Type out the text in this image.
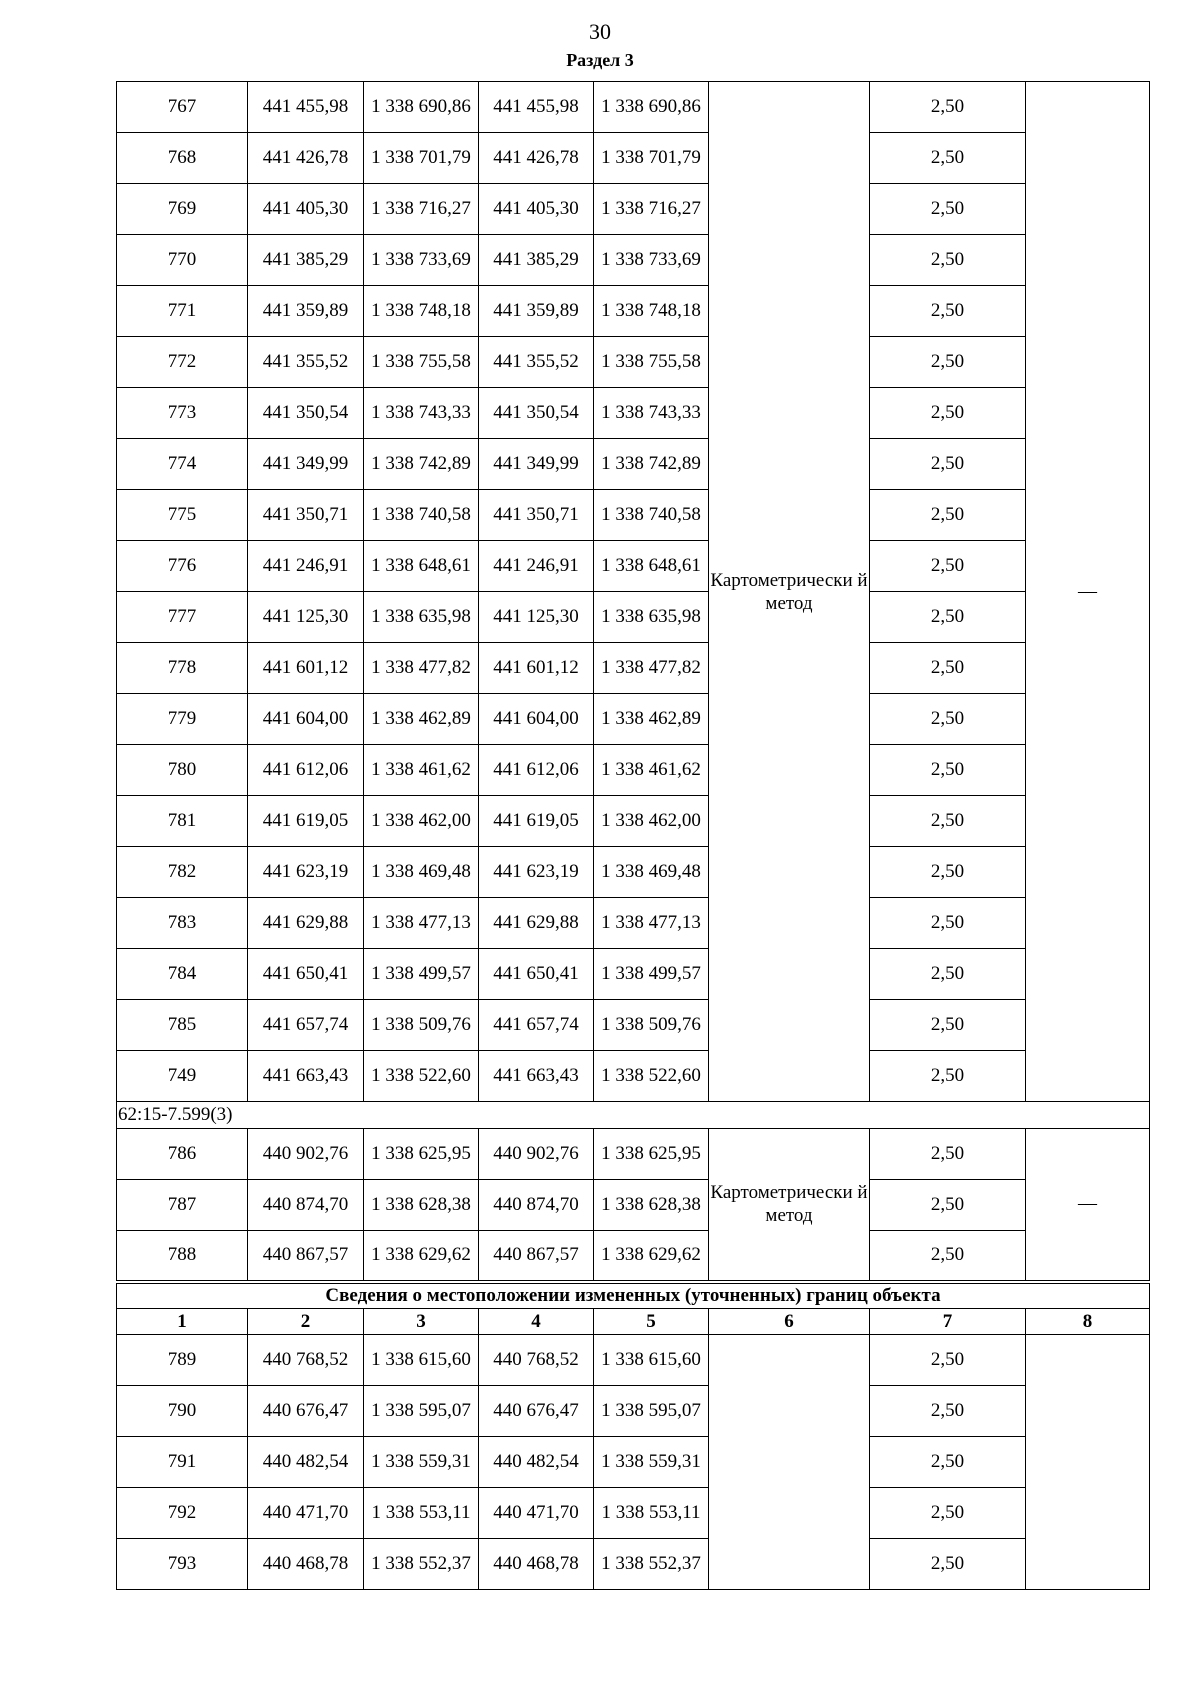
30
Раздел 3
767	441 455,98	1 338 690,86	441 455,98	1 338 690,86	Картометрически й метод	2,50	—
768	441 426,78	1 338 701,79	441 426,78	1 338 701,79		2,50	
769	441 405,30	1 338 716,27	441 405,30	1 338 716,27		2,50	
770	441 385,29	1 338 733,69	441 385,29	1 338 733,69		2,50	
771	441 359,89	1 338 748,18	441 359,89	1 338 748,18		2,50	
772	441 355,52	1 338 755,58	441 355,52	1 338 755,58		2,50	
773	441 350,54	1 338 743,33	441 350,54	1 338 743,33		2,50	
774	441 349,99	1 338 742,89	441 349,99	1 338 742,89		2,50	
775	441 350,71	1 338 740,58	441 350,71	1 338 740,58		2,50	
776	441 246,91	1 338 648,61	441 246,91	1 338 648,61		2,50	
777	441 125,30	1 338 635,98	441 125,30	1 338 635,98		2,50	
778	441 601,12	1 338 477,82	441 601,12	1 338 477,82		2,50	
779	441 604,00	1 338 462,89	441 604,00	1 338 462,89		2,50	
780	441 612,06	1 338 461,62	441 612,06	1 338 461,62		2,50	
781	441 619,05	1 338 462,00	441 619,05	1 338 462,00		2,50	
782	441 623,19	1 338 469,48	441 623,19	1 338 469,48		2,50	
783	441 629,88	1 338 477,13	441 629,88	1 338 477,13		2,50	
784	441 650,41	1 338 499,57	441 650,41	1 338 499,57		2,50	
785	441 657,74	1 338 509,76	441 657,74	1 338 509,76		2,50	
749	441 663,43	1 338 522,60	441 663,43	1 338 522,60		2,50	
62:15-7.599(3)							
786	440 902,76	1 338 625,95	440 902,76	1 338 625,95	Картометрически й метод	2,50	—
787	440 874,70	1 338 628,38	440 874,70	1 338 628,38		2,50	
788	440 867,57	1 338 629,62	440 867,57	1 338 629,62		2,50	
Сведения о местоположении измененных (уточненных) границ объекта							
1	2	3	4	5	6	7	8
789	440 768,52	1 338 615,60	440 768,52	1 338 615,60		2,50	
790	440 676,47	1 338 595,07	440 676,47	1 338 595,07		2,50	
791	440 482,54	1 338 559,31	440 482,54	1 338 559,31		2,50	
792	440 471,70	1 338 553,11	440 471,70	1 338 553,11		2,50	
793	440 468,78	1 338 552,37	440 468,78	1 338 552,37		2,50	
